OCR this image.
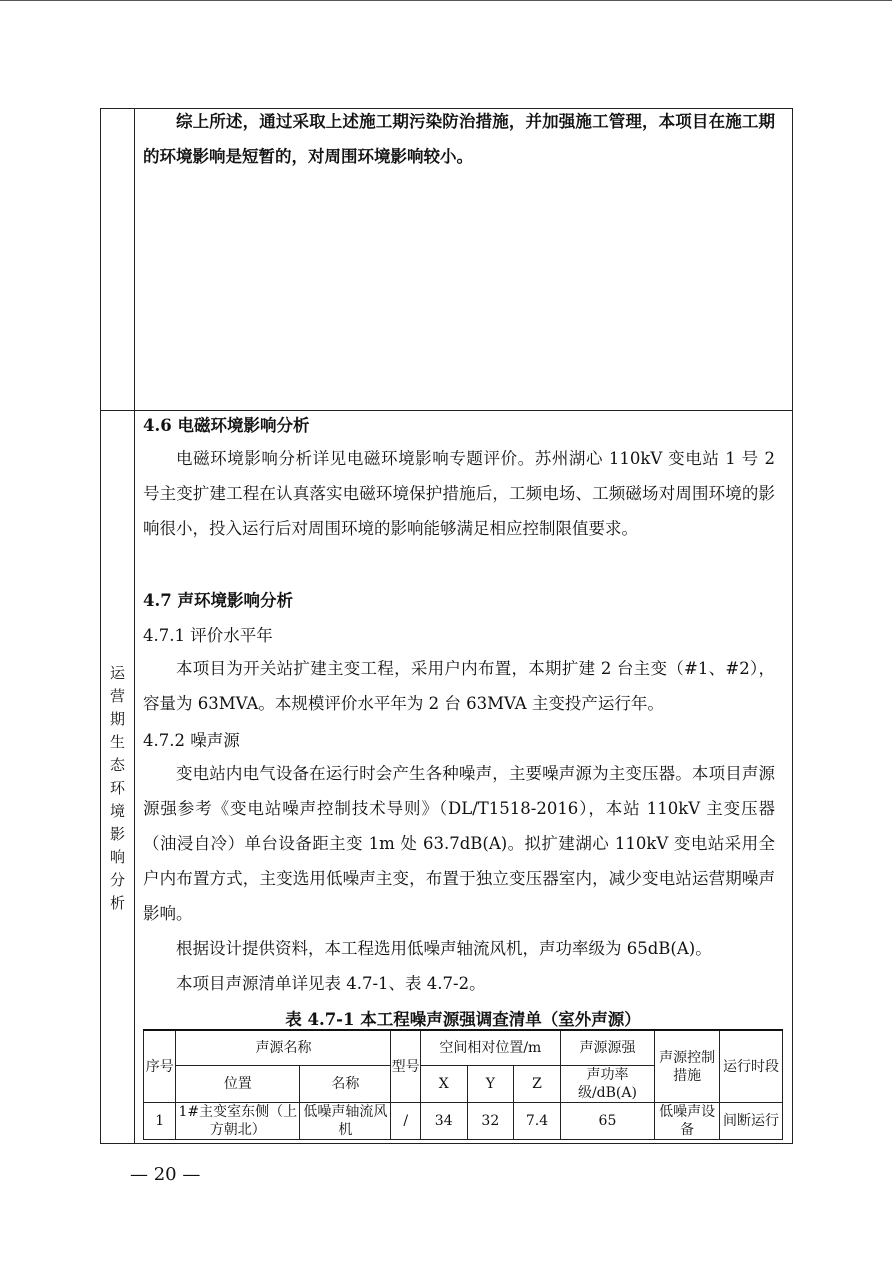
综上所述，通过采取上述施工期污染防治措施，并加强施工管理，本项目在施工期的环境影响是短暂的，对周围环境影响较小。
运
营
期
生
态
环
境
影
响
分
析
4.6 电磁环境影响分析
电磁环境影响分析详见电磁环境影响专题评价。苏州湖心 110kV 变电站 1 号 2 号主变扩建工程在认真落实电磁环境保护措施后，工频电场、工频磁场对周围环境的影响很小，投入运行后对周围环境的影响能够满足相应控制限值要求。
4.7 声环境影响分析
4.7.1 评价水平年
本项目为开关站扩建主变工程，采用户内布置，本期扩建 2 台主变（#1、#2），容量为 63MVA。本规模评价水平年为 2 台 63MVA 主变投产运行年。
4.7.2 噪声源
变电站内电气设备在运行时会产生各种噪声，主要噪声源为主变压器。本项目声源源强参考《变电站噪声控制技术导则》（DL/T1518-2016），本站 110kV 主变压器（油浸自冷）单台设备距主变 1m 处 63.7dB(A)。拟扩建湖心 110kV 变电站采用全户内布置方式，主变选用低噪声主变，布置于独立变压器室内，减少变电站运营期噪声影响。
根据设计提供资料，本工程选用低噪声轴流风机，声功率级为 65dB(A)。
本项目声源清单详见表 4.7-1、表 4.7-2。
表 4.7-1 本工程噪声源强调查清单（室外声源）
序号	声源名称		型号	空间相对位置/m			声源源强	声源控制措施	运行时段
	位置	名称		X	Y	Z	声功率级/dB(A)		
1	1#主变室东侧（上方朝北）	低噪声轴流风机	/	34	32	7.4	65	低噪声设备	间断运行
— 20 —
